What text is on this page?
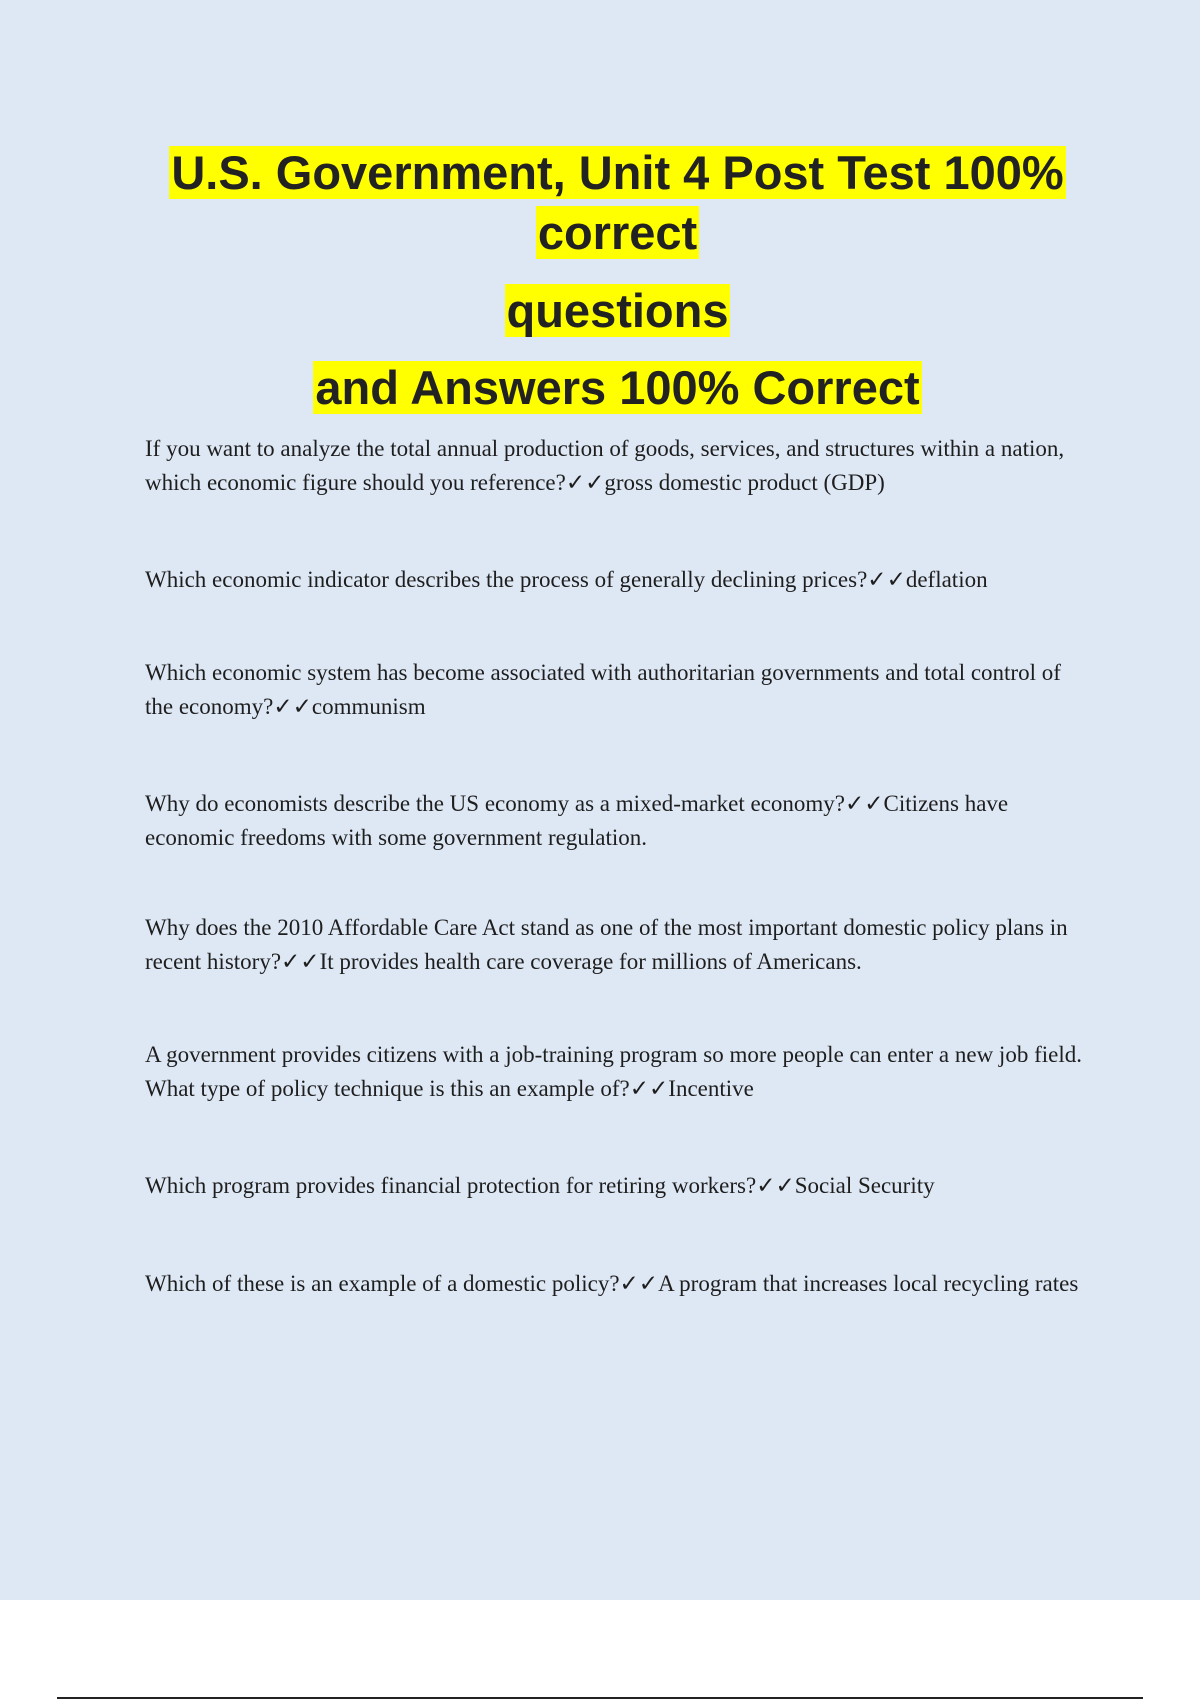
U.S. Government, Unit 4 Post Test 100%
correct
questions
and Answers 100% Correct

If you want to analyze the total annual production of goods, services, and structures within a nation, which economic figure should you reference?✓✓gross domestic product (GDP)

Which economic indicator describes the process of generally declining prices?✓✓deflation

Which economic system has become associated with authoritarian governments and total control of the economy?✓✓communism

Why do economists describe the US economy as a mixed-market economy?✓✓Citizens have economic freedoms with some government regulation.

Why does the 2010 Affordable Care Act stand as one of the most important domestic policy plans in recent history?✓✓It provides health care coverage for millions of Americans.

A government provides citizens with a job-training program so more people can enter a new job field. What type of policy technique is this an example of?✓✓Incentive

Which program provides financial protection for retiring workers?✓✓Social Security

Which of these is an example of a domestic policy?✓✓A program that increases local recycling rates
